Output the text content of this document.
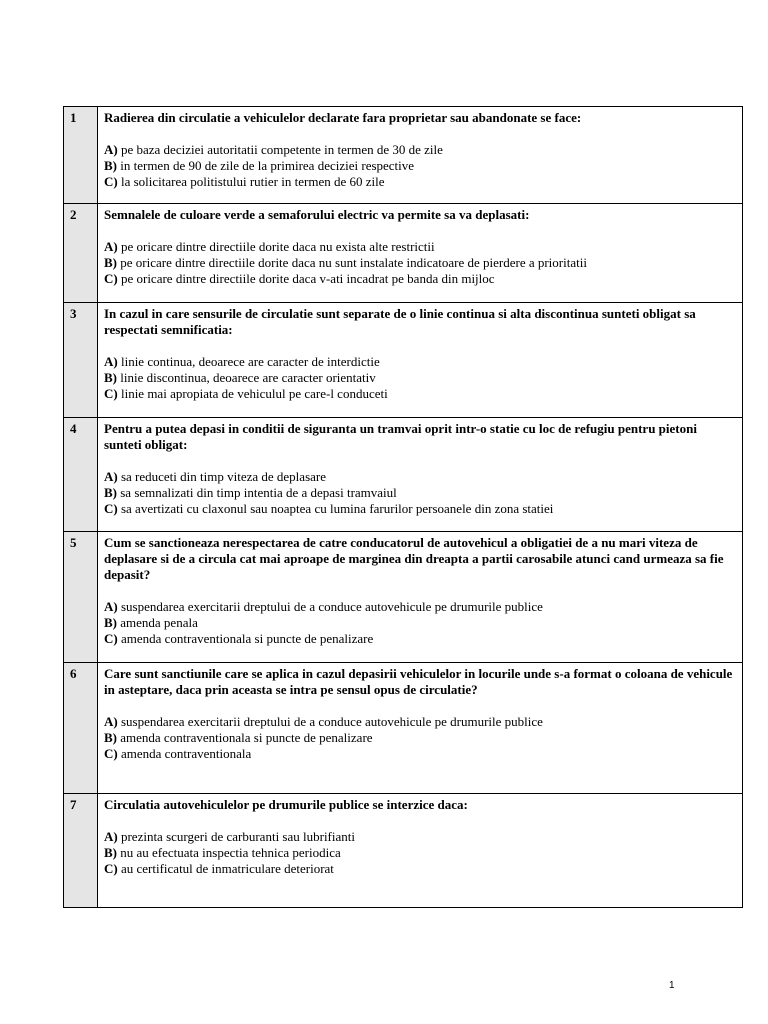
1	Radierea din circulatie a vehiculelor declarate fara proprietar sau abandonate se face:

A) pe baza deciziei autoritatii competente in termen de 30 de zile

B) in termen de 90 de zile de la primirea deciziei respective

C) la solicitarea politistului rutier in termen de 60 zile

2	Semnalele de culoare verde a semaforului electric va permite sa va deplasati:

A) pe oricare dintre directiile dorite daca nu exista alte restrictii

B) pe oricare dintre directiile dorite daca nu sunt instalate indicatoare de pierdere a prioritatii

C) pe oricare dintre directiile dorite daca v-ati incadrat pe banda din mijloc

3	In cazul in care sensurile de circulatie sunt separate de o linie continua si alta discontinua sunteti obligat sa respectati semnificatia:

A) linie continua, deoarece are caracter de interdictie

B) linie discontinua, deoarece are caracter orientativ

C) linie mai apropiata de vehiculul pe care-l conduceti

4	Pentru a putea depasi in conditii de siguranta un tramvai oprit intr-o statie cu loc de refugiu pentru pietoni sunteti obligat:

A) sa reduceti din timp viteza de deplasare

B) sa semnalizati din timp intentia de a depasi tramvaiul

C) sa avertizati cu claxonul sau noaptea cu lumina farurilor persoanele din zona statiei

5	Cum se sanctioneaza nerespectarea de catre conducatorul de autovehicul a obligatiei de a nu mari viteza de deplasare si de a circula cat mai aproape de marginea din dreapta a partii carosabile atunci cand urmeaza sa fie depasit?

A) suspendarea exercitarii dreptului de a conduce autovehicule pe drumurile publice

B) amenda penala

C) amenda contraventionala si puncte de penalizare

6	Care sunt sanctiunile care se aplica in cazul depasirii vehiculelor in locurile unde s-a format o coloana de vehicule in asteptare, daca prin aceasta se intra pe sensul opus de circulatie?

A) suspendarea exercitarii dreptului de a conduce autovehicule pe drumurile publice

B) amenda contraventionala si puncte de penalizare

C) amenda contraventionala

7	Circulatia autovehiculelor pe drumurile publice se interzice daca:

A) prezinta scurgeri de carburanti sau lubrifianti

B) nu au efectuata inspectia tehnica periodica

C) au certificatul de inmatriculare deteriorat

1
